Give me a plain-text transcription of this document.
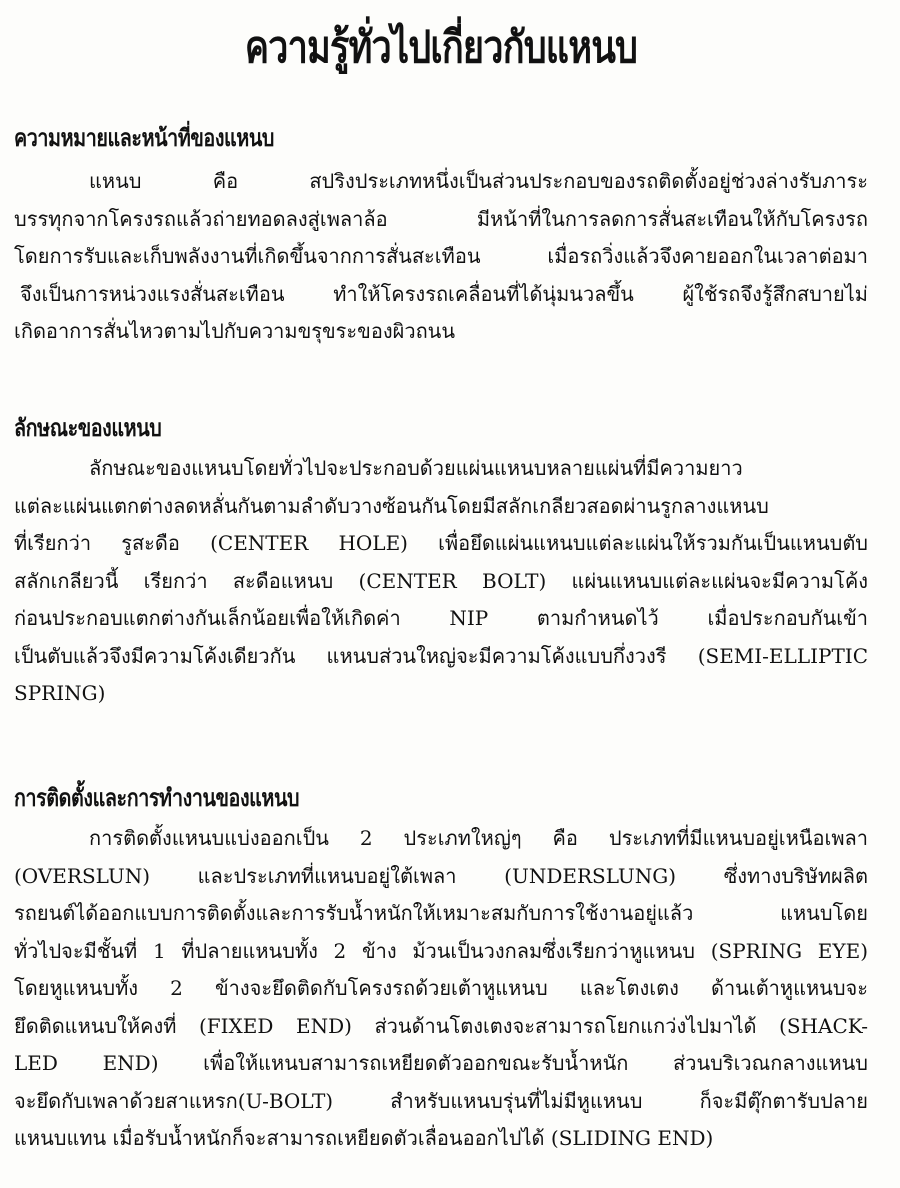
ความรู้ทั่วไปเกี่ยวกับแหนบ
ความหมายและหน้าที่ของแหนบ
แหนบ คือ สปริงประเภทหนึ่งเป็นส่วนประกอบของรถติดตั้งอยู่ช่วงล่างรับภาระ
บรรทุกจากโครงรถแล้วถ่ายทอดลงสู่เพลาล้อ มีหน้าที่ในการลดการสั่นสะเทือนให้กับโครงรถ
โดยการรับและเก็บพลังงานที่เกิดขึ้นจากการสั่นสะเทือน เมื่อรถวิ่งแล้วจึงคายออกในเวลาต่อมา
จึงเป็นการหน่วงแรงสั่นสะเทือน ทำให้โครงรถเคลื่อนที่ได้นุ่มนวลขึ้น ผู้ใช้รถจึงรู้สึกสบายไม่
เกิดอาการสั่นไหวตามไปกับความขรุขระของผิวถนน
ลักษณะของแหนบ
ลักษณะของแหนบโดยทั่วไปจะประกอบด้วยแผ่นแหนบหลายแผ่นที่มีความยาว
แต่ละแผ่นแตกต่างลดหลั่นกันตามลำดับวางซ้อนกันโดยมีสลักเกลียวสอดผ่านรูกลางแหนบ
ที่เรียกว่า รูสะดือ (CENTER HOLE) เพื่อยึดแผ่นแหนบแต่ละแผ่นให้รวมกันเป็นแหนบตับ
สลักเกลียวนี้ เรียกว่า สะดือแหนบ (CENTER BOLT) แผ่นแหนบแต่ละแผ่นจะมีความโค้ง
ก่อนประกอบแตกต่างกันเล็กน้อยเพื่อให้เกิดค่า NIP ตามกำหนดไว้ เมื่อประกอบกันเข้า
เป็นตับแล้วจึงมีความโค้งเดียวกัน แหนบส่วนใหญ่จะมีความโค้งแบบกึ่งวงรี (SEMI-ELLIPTIC
SPRING)
การติดตั้งและการทำงานของแหนบ
การติดตั้งแหนบแบ่งออกเป็น 2 ประเภทใหญ่ๆ คือ ประเภทที่มีแหนบอยู่เหนือเพลา
(OVERSLUN) และประเภทที่แหนบอยู่ใต้เพลา (UNDERSLUNG) ซึ่งทางบริษัทผลิต
รถยนต์ได้ออกแบบการติดตั้งและการรับน้ำหนักให้เหมาะสมกับการใช้งานอยู่แล้ว แหนบโดย
ทั่วไปจะมีชั้นที่ 1 ที่ปลายแหนบทั้ง 2 ข้าง ม้วนเป็นวงกลมซึ่งเรียกว่าหูแหนบ (SPRING EYE)
โดยหูแหนบทั้ง 2 ข้างจะยึดติดกับโครงรถด้วยเต้าหูแหนบ และโตงเตง ด้านเต้าหูแหนบจะ
ยึดติดแหนบให้คงที่ (FIXED END) ส่วนด้านโตงเตงจะสามารถโยกแกว่งไปมาได้ (SHACK-
LED END) เพื่อให้แหนบสามารถเหยียดตัวออกขณะรับน้ำหนัก ส่วนบริเวณกลางแหนบ
จะยึดกับเพลาด้วยสาแหรก(U-BOLT) สำหรับแหนบรุ่นที่ไม่มีหูแหนบ ก็จะมีตุ๊กตารับปลาย
แหนบแทน เมื่อรับน้ำหนักก็จะสามารถเหยียดตัวเลื่อนออกไปได้ (SLIDING END)
